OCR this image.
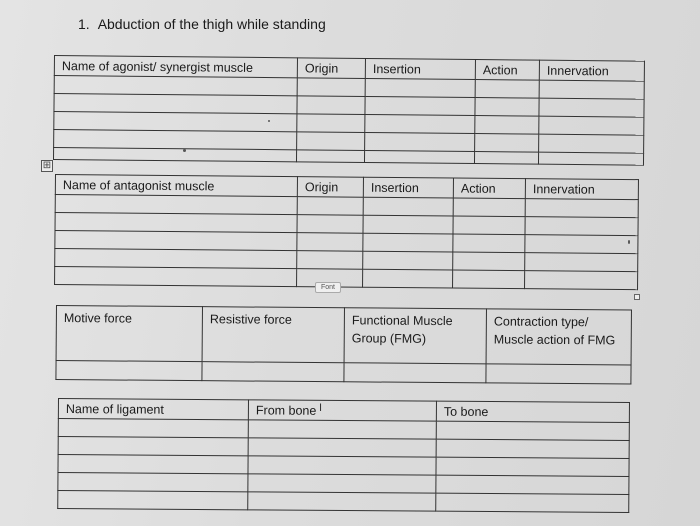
1. Abduction of the thigh while standing
Name of agonist/ synergist muscle	Origin	Insertion	Action	Innervation

⊞
Name of antagonist muscle	Origin	Insertion	Action	Innervation

Font
Motive force	Resistive force	Functional Muscle Group (FMG)	Contraction type/ Muscle action of FMG

Name of ligament	From bone	To bone

I
